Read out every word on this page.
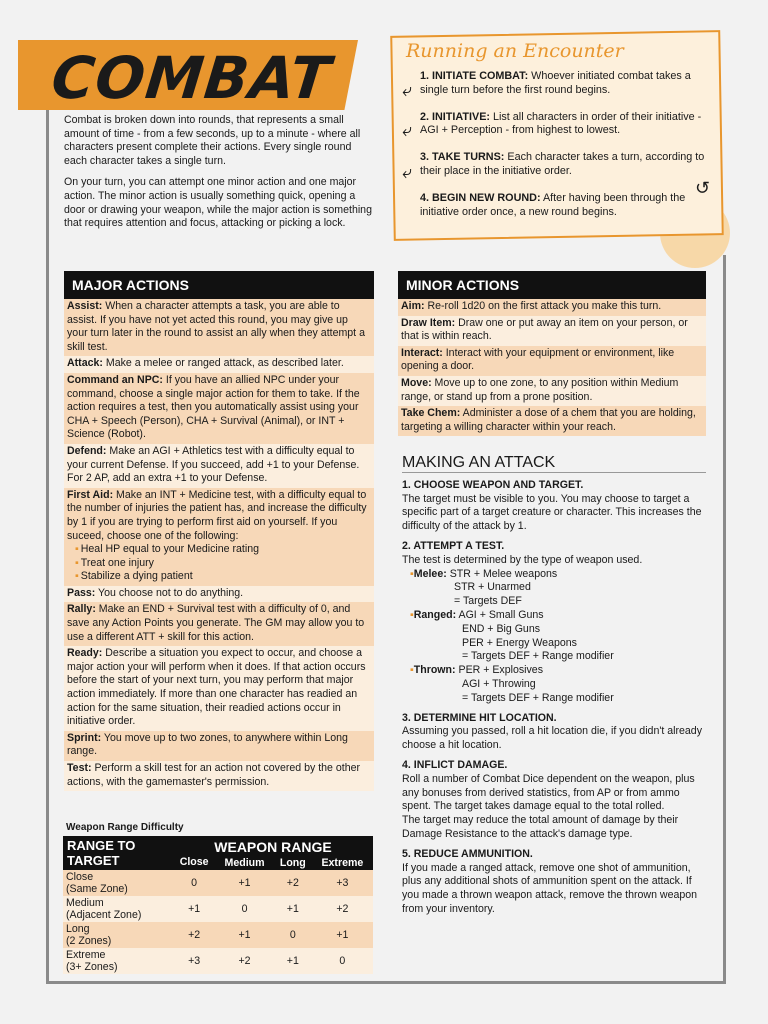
COMBAT

Combat is broken down into rounds, that represents a small amount of time - from a few seconds, up to a minute - where all characters present complete their actions. Every single round each character takes a single turn.

On your turn, you can attempt one minor action and one major action. The minor action is usually something quick, opening a door or drawing your weapon, while the major action is something that requires attention and focus, attacking or picking a lock.

Running an Encounter
1. INITIATE COMBAT: Whoever initiated combat takes a single turn before the first round begins.
2. INITIATIVE: List all characters in order of their initiative - AGI + Perception - from highest to lowest.
3. TAKE TURNS: Each character takes a turn, according to their place in the initiative order.
4. BEGIN NEW ROUND: After having been through the initiative order once, a new round begins.
⤶
⤶
⤶
↺
MAJOR ACTIONS
Assist: When a character attempts a task, you are able to assist. If you have not yet acted this round, you may give up your turn later in the round to assist an ally when they attempt a skill test.
Attack: Make a melee or ranged attack, as described later.
Command an NPC: If you have an allied NPC under your command, choose a single major action for them to take. If the action requires a test, then you automatically assist using your CHA + Speech (Person), CHA + Survival (Animal), or INT + Science (Robot).
Defend: Make an AGI + Athletics test with a difficulty equal to your current Defense. If you succeed, add +1 to your Defense. For 2 AP, add an extra +1 to your Defense.
First Aid: Make an INT + Medicine test, with a difficulty equal to the number of injuries the patient has, and increase the difficulty by 1 if you are trying to perform first aid on yourself. If you suceed, choose one of the following:
▪ Heal HP equal to your Medicine rating
▪ Treat one injury
▪ Stabilize a dying patient
Pass: You choose not to do anything.
Rally: Make an END + Survival test with a difficulty of 0, and save any Action Points you generate. The GM may allow you to use a different ATT + skill for this action.
Ready: Describe a situation you expect to occur, and choose a major action your will perform when it does. If that action occurs before the start of your next turn, you may perform that major action immediately. If more than one character has readied an action for the same situation, their readied actions occur in initiative order.
Sprint: You move up to two zones, to anywhere within Long range.
Test: Perform a skill test for an action not covered by the other actions, with the gamemaster's permission.
MINOR ACTIONS
Aim: Re-roll 1d20 on the first attack you make this turn.
Draw Item: Draw one or put away an item on your person, or that is within reach.
Interact: Interact with your equipment or environment, like opening a door.
Move: Move up to one zone, to any position within Medium range, or stand up from a prone position.
Take Chem: Administer a dose of a chem that you are holding, targeting a willing character within your reach.
MAKING AN ATTACK
1. CHOOSE WEAPON AND TARGET.
The target must be visible to you. You may choose to target a specific part of a target creature or character. This increases the difficulty of the attack by 1.
2. ATTEMPT A TEST.
The test is determined by the type of weapon used.
▪Melee: STR + Melee weapons
STR + Unarmed
= Targets DEF
▪Ranged: AGI + Small Guns
END + Big Guns
PER + Energy Weapons
= Targets DEF + Range modifier
▪Thrown: PER + Explosives
AGI + Throwing
= Targets DEF + Range modifier
3. DETERMINE HIT LOCATION.
Assuming you passed, roll a hit location die, if you didn't already choose a hit location.
4. INFLICT DAMAGE.
Roll a number of Combat Dice dependent on the weapon, plus any bonuses from derived statistics, from AP or from ammo spent. The target takes damage equal to the total rolled.
The target may reduce the total amount of damage by their Damage Resistance to the attack's damage type.
5. REDUCE AMMUNITION.
If you made a ranged attack, remove one shot of ammunition, plus any additional shots of ammunition spent on the attack. If you made a thrown weapon attack, remove the thrown weapon from your inventory.
Weapon Range Difficulty
RANGE TO TARGET	WEAPON RANGE			
	Close	Medium	Long	Extreme
Close
(Same Zone)	0	+1	+2	+3
Medium
(Adjacent Zone)	+1	0	+1	+2
Long
(2 Zones)	+2	+1	0	+1
Extreme
(3+ Zones)	+3	+2	+1	0
